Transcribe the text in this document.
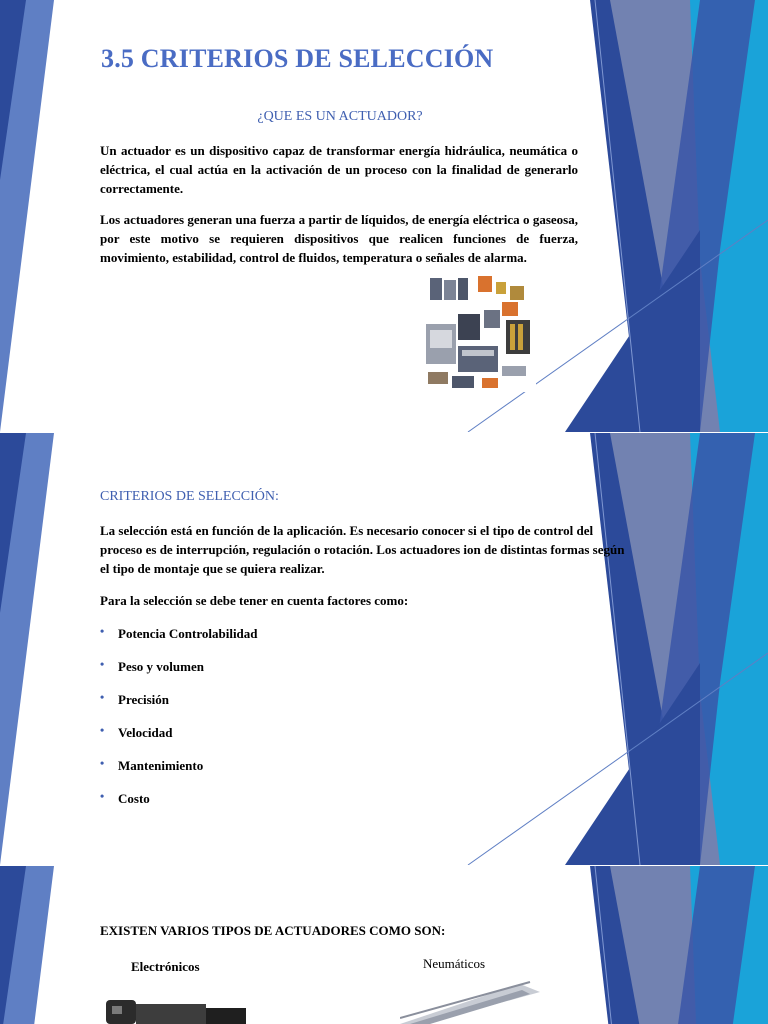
3.5 CRITERIOS DE SELECCIÓN

¿QUE ES UN ACTUADOR?

Un actuador es un dispositivo capaz de transformar energía hidráulica, neumática o eléctrica, el cual actúa en la activación de un proceso con la finalidad de generarlo correctamente.

Los actuadores generan una fuerza a partir de líquidos, de energía eléctrica o gaseosa, por este motivo se requieren dispositivos que realicen funciones de fuerza, movimiento, estabilidad, control de fluidos, temperatura o señales de alarma.

CRITERIOS DE SELECCIÓN:

La selección está en función de la aplicación. Es necesario conocer si el tipo de control del proceso es de interrupción, regulación o rotación. Los actuadores ion de distintas formas según el tipo de montaje que se quiera realizar.

Para la selección se debe tener en cuenta factores como:

• Potencia Controlabilidad
• Peso y volumen
• Precisión
• Velocidad
• Mantenimiento
• Costo

EXISTEN VARIOS TIPOS DE ACTUADORES COMO SON:

Electrónicos	Neumáticos
